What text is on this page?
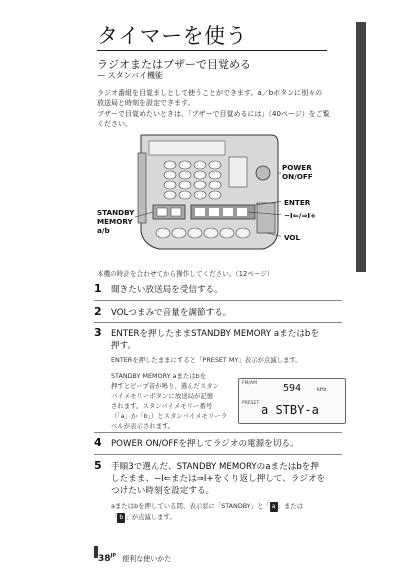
タイマーを使う
ラジオまたはブザーで目覚める
— スタンバイ機能
ラジオ番組を目覚ましとして使うことができます。a／bボタンに別々の
放送局と時刻を設定できます。
ブザーで目覚めたいときは、「ブザーで目覚めるには」（40ページ）をご覧
ください。
POWER
ON/OFF
ENTER
−I⇐/⇒I+
VOL
STANDBY
MEMORY
a/b
本機の時計を合わせてから操作してください。（12ページ）
1 聞きたい放送局を受信する。
2 VOLつまみで音量を調節する。
3 ENTERを押したままSTANDBY MEMORY aまたはbを
押す。
ENTERを押したままにすると「PRESET MY」表示が点滅します。
STANDBY MEMORY aまたはbを
押すとビープ音が鳴り、選んだスタン
バイメモリーボタンに放送局が記憶
されます。スタンバイメモリー番号
（「a」か「b」）とスタンバイメモリーラ
ベルが表示されます。
FM/AM	594	kHz
PRESET a STBY-a
4 POWER ON/OFFを押してラジオの電源を切る。
5 手順3で選んだ、STANDBY MEMORYのaまたはbを押
したまま、−I⇐または⇒I+をくり返し押して、ラジオを
つけたい時刻を設定する。
aまたはbを押している間、表示窓に「STANDBY」と「 a 」または
「 b 」が点滅します。
$38^{JP}$ 便利な使いかた
